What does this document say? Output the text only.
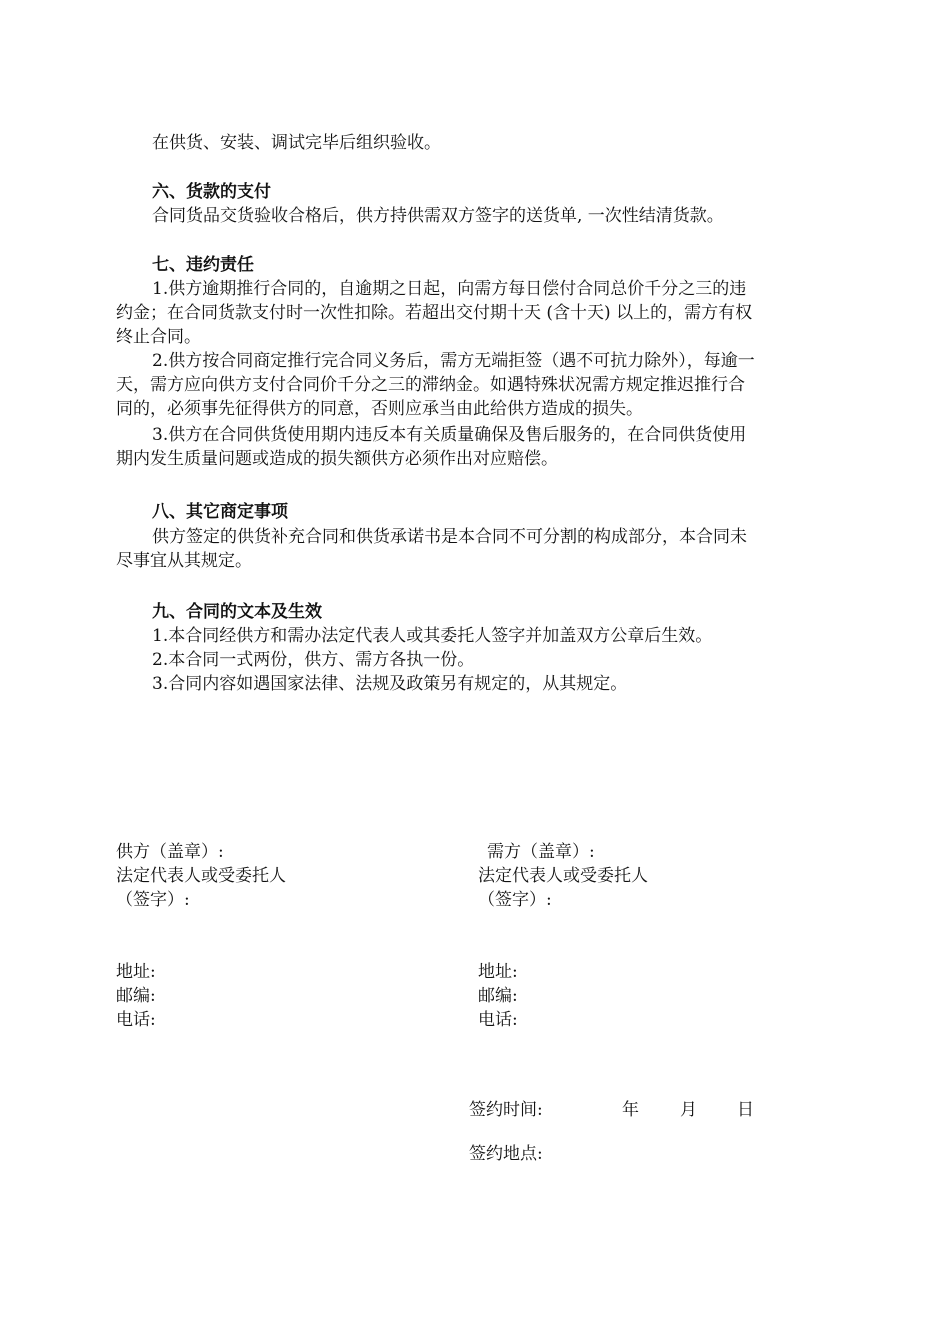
在供货、安装、调试完毕后组织验收。
六、货款的支付
合同货品交货验收合格后，供方持供需双方签字的送货单, 一次性结清货款。
七、违约责任
1.供方逾期推行合同的，自逾期之日起，向需方每日偿付合同总价千分之三的违
约金；在合同货款支付时一次性扣除。若超出交付期十天 (含十天) 以上的，需方有权
终止合同。
2.供方按合同商定推行完合同义务后，需方无端拒签（遇不可抗力除外），每逾一
天，需方应向供方支付合同价千分之三的滞纳金。如遇特殊状况需方规定推迟推行合
同的，必须事先征得供方的同意，否则应承当由此给供方造成的损失。
3.供方在合同供货使用期内违反本有关质量确保及售后服务的，在合同供货使用
期内发生质量问题或造成的损失额供方必须作出对应赔偿。
八、其它商定事项
供方签定的供货补充合同和供货承诺书是本合同不可分割的构成部分，本合同未
尽事宜从其规定。
九、合同的文本及生效
1.本合同经供方和需办法定代表人或其委托人签字并加盖双方公章后生效。
2.本合同一式两份，供方、需方各执一份。
3.合同内容如遇国家法律、法规及政策另有规定的，从其规定。
供方（盖章）:
法定代表人或受委托人
（签字）:
地址:
邮编:
电话:
需方（盖章）:
法定代表人或受委托人
（签字）:
地址:
邮编:
电话:
签约时间:	年 月 日
签约地点:
